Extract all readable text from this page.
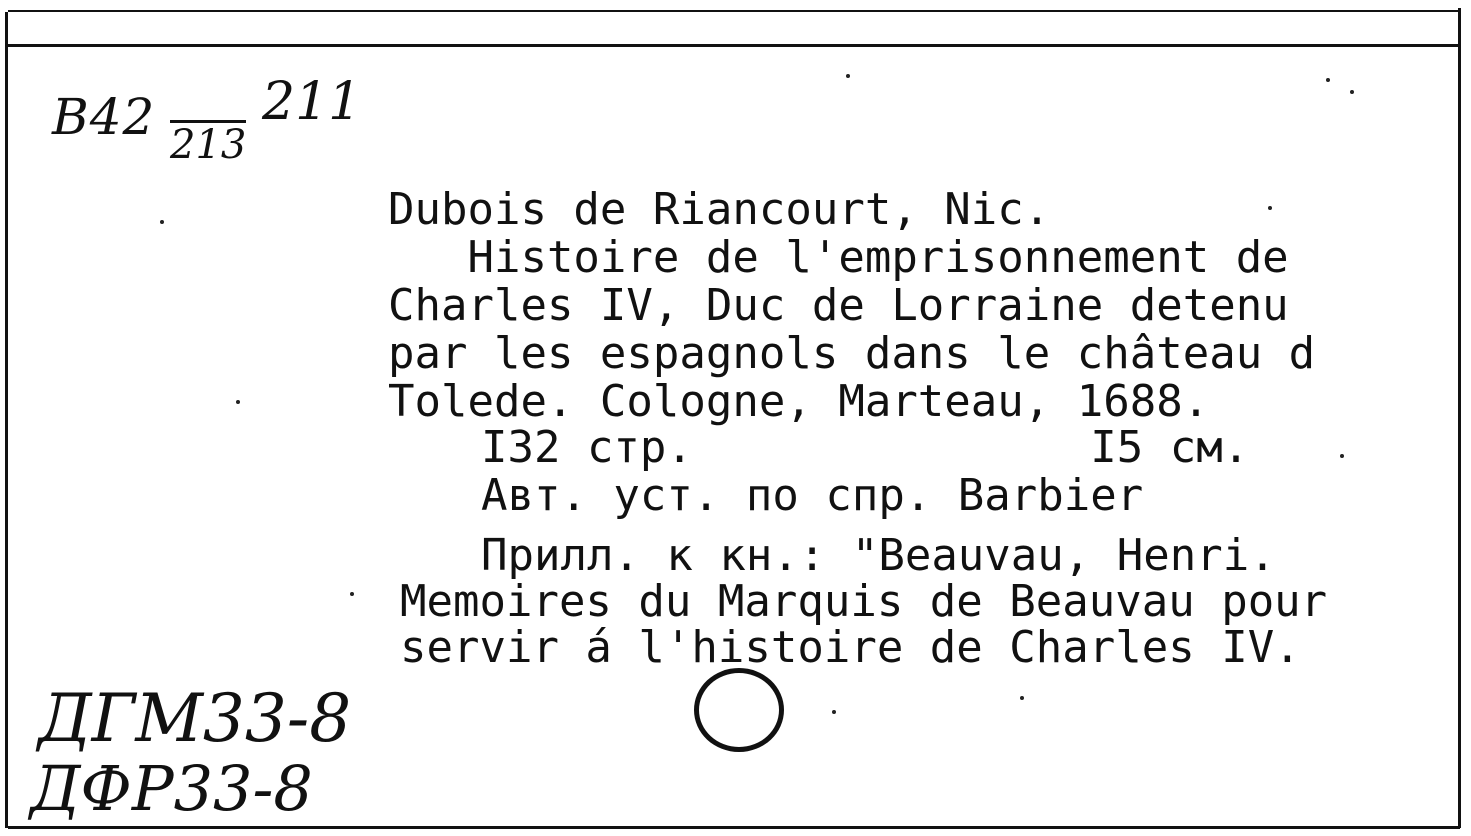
B42 213
211
Dubois de Riancourt, Nic.
Histoire de l'emprisonnement de
Charles IV, Duc de Lorraine detenu
par les espagnols dans le château d
Tolede. Cologne, Marteau, 1688.
I32 стр.               I5 см.
Авт. уст. по спр. Barbier
Прилл. к кн.: "Beauvau, Henri.
Memoires du Marquis de Beauvau pour
servir á l'histoire de Charles IV.
ДГМ33-8
ДФР33-8
